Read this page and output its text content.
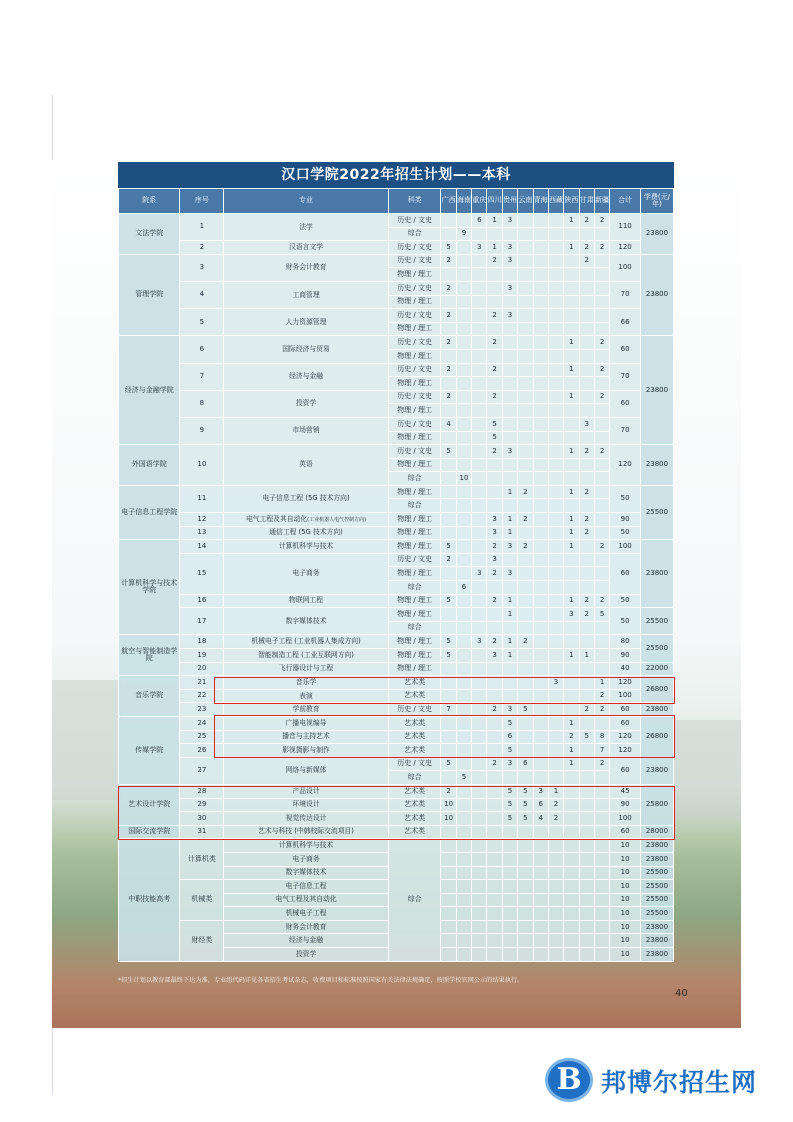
汉口学院2022年招生计划——本科
院系	序号	专业	科类	广西	海南	重庆	四川	贵州	云南	青海	西藏	陕西	甘肃	新疆	合计	学费(元/年)
文法学院	1	法学	历史 / 文史			6	1	3				1	2	2	110	23800
			综合		9											
	2	汉语言文学	历史 / 文史	5		3	1	3				1	2	2	120	
管理学院	3	财务会计教育	历史 / 文史	2			2	3					2		100	23800
			物理 / 理工													
	4	工商管理	历史 / 文史	2				3							70	
			物理 / 理工													
	5	人力资源管理	历史 / 文史	2			2	3							66	
			物理 / 理工													
经济与金融学院	6	国际经济与贸易	历史 / 文史	2			2					1		2	60	23800
			物理 / 理工													
	7	经济与金融	历史 / 文史	2			2					1		2	70	
			物理 / 理工													
	8	投资学	历史 / 文史	2			2					1		2	60	
			物理 / 理工													
	9	市场营销	历史 / 文史	4			5						3		70	
			物理 / 理工				5									
外国语学院	10	英语	历史 / 文史	5			2	3				1	2	2	120	23800
			物理 / 理工													
			综合		10											
电子信息工程学院	11	电子信息工程 (5G 技术方向)	物理 / 理工					1	2			1	2		50	25500
			综合													
	12	电气工程及其自动化(工业机器人电气控制方向)	物理 / 理工				3	1	2			1	2		90	
	13	通信工程 (5G 技术方向)	物理 / 理工				3	1				1	2		50	
计算机科学与技术学院	14	计算机科学与技术	物理 / 理工	5			2	3	2			1		2	100	23800
	15	电子商务	历史 / 文史	2			3								60	
			物理 / 理工			3	2	3								
			综合		6											
	16	物联网工程	物理 / 理工	5			2	1				1	2	2	50	
	17	数字媒体技术	物理 / 理工					1				3	2	5	50	25500
			综合													
航空与智能制造学院	18	机械电子工程 (工业机器人集成方向)	物理 / 理工	5		3	2	1	2						80	25500
	19	智能制造工程 (工业互联网方向)	物理 / 理工	5			3	1				1	1		90	
	20	飞行器设计与工程	物理 / 理工												40	22000
音乐学院	21	音乐学	艺术类								3			1	120	26800
	22	表演	艺术类											2	100	
	23	学前教育	历史 / 文史	7			2	3	5				2	2	60	23800
传媒学院	24	广播电视编导	艺术类					5				1			60	26800
	25	播音与主持艺术	艺术类					6				2	5	8	120	
	26	影视摄影与制作	艺术类					5				1		7	120	
	27	网络与新媒体	历史 / 文史	5			2	3	6			1		2	60	23800
			综合		5											
艺术设计学院	28	产品设计	艺术类	2				5	5	3	1				45	25800
	29	环境设计	艺术类	10				5	5	6	2				90	
	30	视觉传达设计	艺术类	10				5	5	4	2				100	
国际交流学院	31	艺术与科技 (中韩校际交流项目)	艺术类												60	28000
中职技能高考	计算机类	计算机科学与技术	综合												10	23800
		电子商务													10	23800
		数字媒体技术													10	25500
	机械类	电子信息工程													10	25500
		电气工程及其自动化													10	25500
		机械电子工程													10	25500
	财经类	财务会计教育													10	23800
		经济与金融													10	23800
		投资学													10	23800
*招生计划以教育部最终下达为准，专业组代码详见各省招生考试杂志，收费项目和标准按照国家有关法律法规确定，按照学校官网公示的结果执行。
40
B 邦博尔招生网
